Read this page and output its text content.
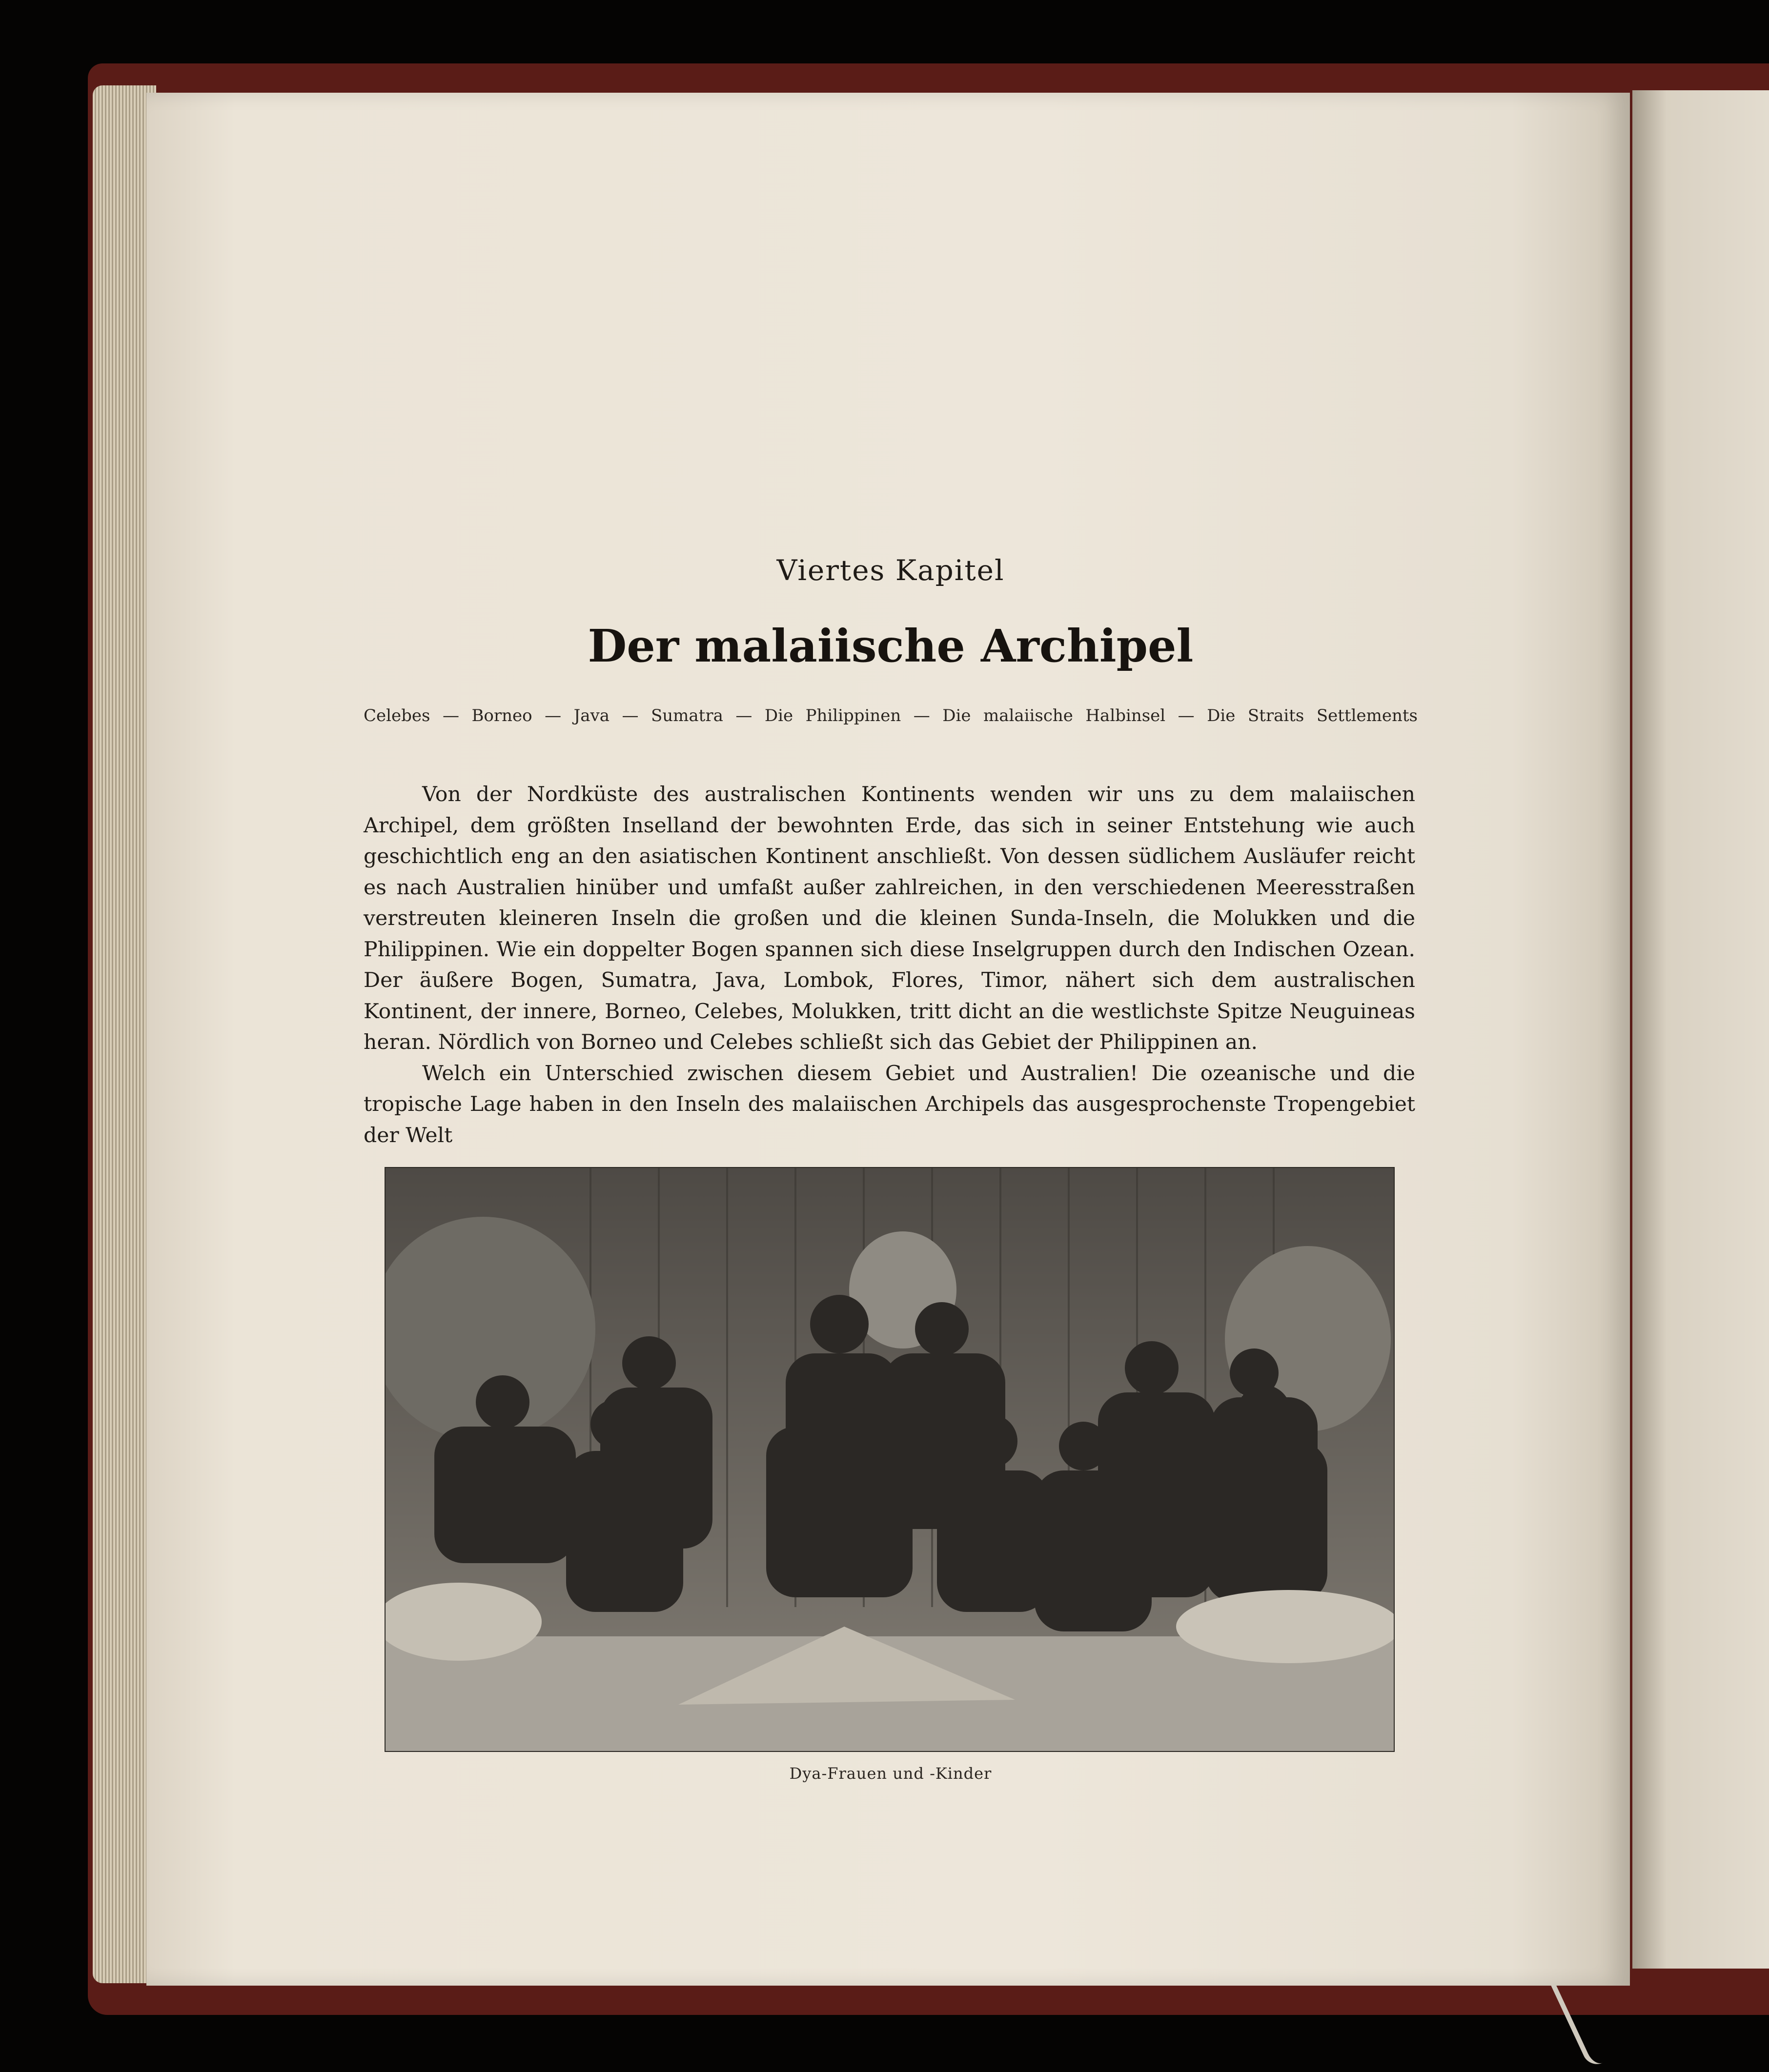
Viertes Kapitel
Der malaiische Archipel
Celebes — Borneo — Java — Sumatra — Die Philippinen — Die malaiische Halbinsel — Die Straits Settlements

Von der Nordküste des australischen Kontinents wenden wir uns zu dem malaiischen Archipel, dem größten Inselland der bewohnten Erde, das sich in seiner Entstehung wie auch geschichtlich eng an den asiatischen Kontinent anschließt. Von dessen südlichem Ausläufer reicht es nach Australien hinüber und umfaßt außer zahlreichen, in den verschiedenen Meeresstraßen verstreuten kleineren Inseln die großen und die kleinen Sunda-Inseln, die Molukken und die Philippinen. Wie ein doppelter Bogen spannen sich diese Inselgruppen durch den Indischen Ozean. Der äußere Bogen, Sumatra, Java, Lombok, Flores, Timor, nähert sich dem australischen Kontinent, der innere, Borneo, Celebes, Molukken, tritt dicht an die westlichste Spitze Neuguineas heran. Nördlich von Borneo und Celebes schließt sich das Gebiet der Philippinen an.

Welch ein Unterschied zwischen diesem Gebiet und Australien! Die ozeanische und die tropische Lage haben in den Inseln des malaiischen Archipels das ausgesprochenste Tropengebiet der Welt

Dya-Frauen und -Kinder
